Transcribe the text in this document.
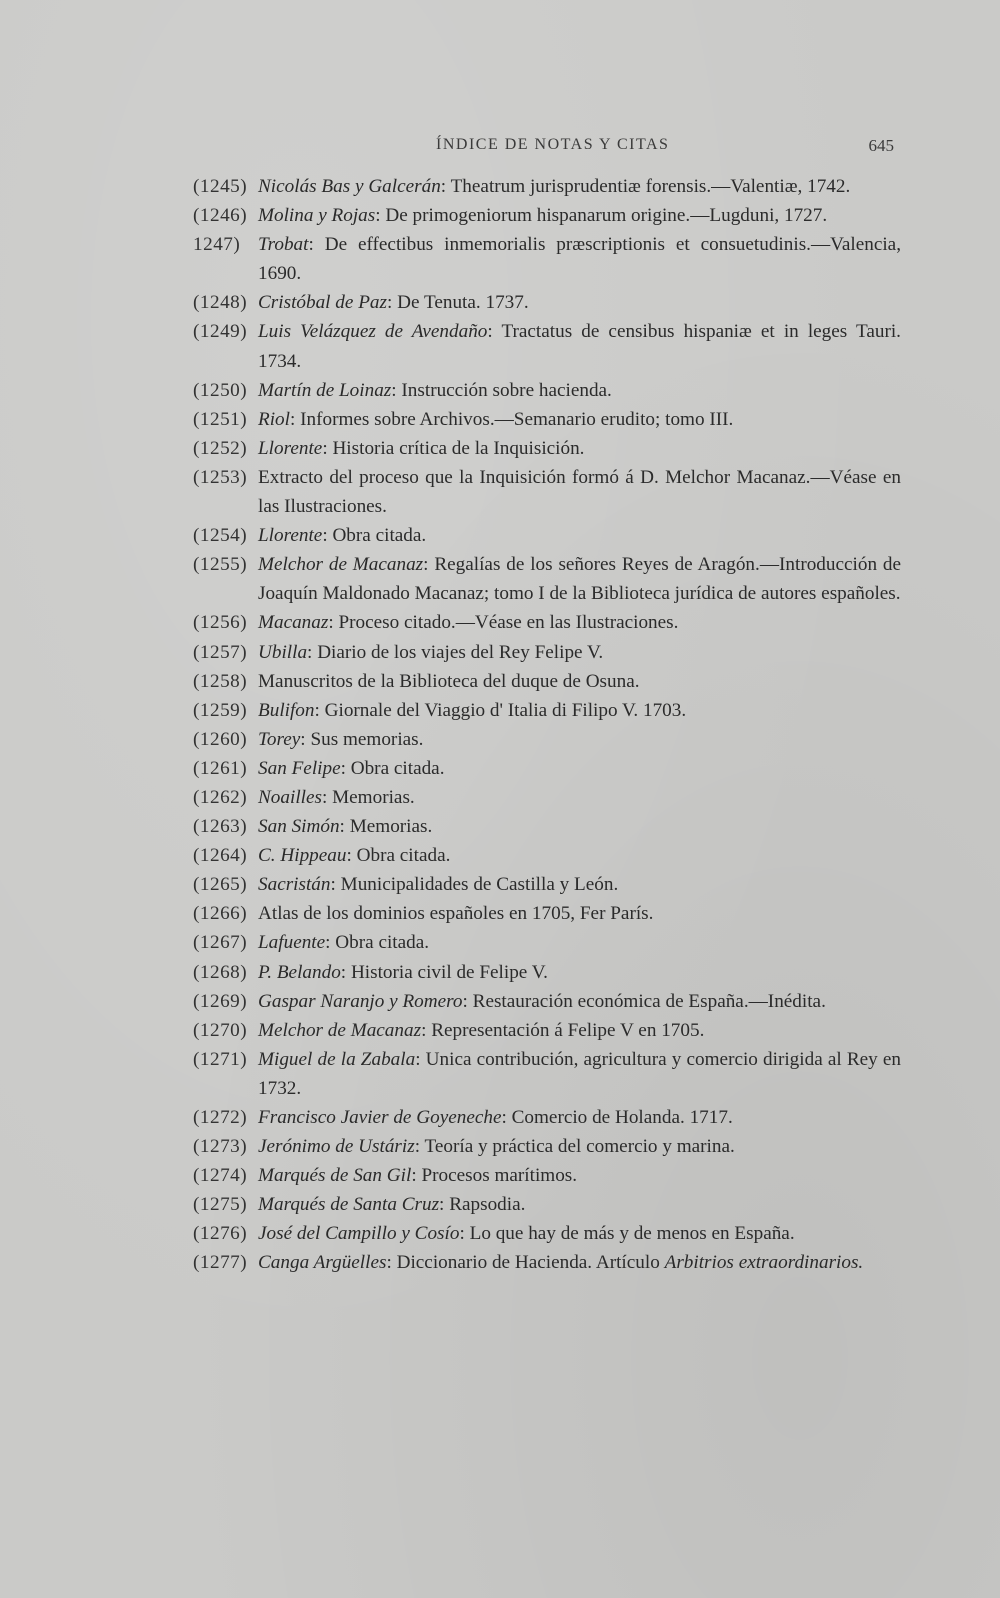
ÍNDICE DE NOTAS Y CITAS	645
(1245) Nicolás Bas y Galcerán: Theatrum jurisprudentiæ forensis.—Valentiæ, 1742.
(1246) Molina y Rojas: De primogeniorum hispanarum origine.—Lugduni, 1727.
1247) Trobat: De effectibus inmemorialis præscriptionis et consuetudinis.—Valencia, 1690.
(1248) Cristóbal de Paz: De Tenuta. 1737.
(1249) Luis Velázquez de Avendaño: Tractatus de censibus hispaniæ et in leges Tauri. 1734.
(1250) Martín de Loinaz: Instrucción sobre hacienda.
(1251) Riol: Informes sobre Archivos.—Semanario erudito; tomo III.
(1252) Llorente: Historia crítica de la Inquisición.
(1253) Extracto del proceso que la Inquisición formó á D. Melchor Macanaz.—Véase en las Ilustraciones.
(1254) Llorente: Obra citada.
(1255) Melchor de Macanaz: Regalías de los señores Reyes de Aragón.—Introducción de Joaquín Maldonado Macanaz; tomo I de la Biblioteca jurídica de autores españoles.
(1256) Macanaz: Proceso citado.—Véase en las Ilustraciones.
(1257) Ubilla: Diario de los viajes del Rey Felipe V.
(1258) Manuscritos de la Biblioteca del duque de Osuna.
(1259) Bulifon: Giornale del Viaggio d' Italia di Filipo V. 1703.
(1260) Torey: Sus memorias.
(1261) San Felipe: Obra citada.
(1262) Noailles: Memorias.
(1263) San Simón: Memorias.
(1264) C. Hippeau: Obra citada.
(1265) Sacristán: Municipalidades de Castilla y León.
(1266) Atlas de los dominios españoles en 1705, Fer París.
(1267) Lafuente: Obra citada.
(1268) P. Belando: Historia civil de Felipe V.
(1269) Gaspar Naranjo y Romero: Restauración económica de España.—Inédita.
(1270) Melchor de Macanaz: Representación á Felipe V en 1705.
(1271) Miguel de la Zabala: Unica contribución, agricultura y comercio dirigida al Rey en 1732.
(1272) Francisco Javier de Goyeneche: Comercio de Holanda. 1717.
(1273) Jerónimo de Ustáriz: Teoría y práctica del comercio y marina.
(1274) Marqués de San Gil: Procesos marítimos.
(1275) Marqués de Santa Cruz: Rapsodia.
(1276) José del Campillo y Cosío: Lo que hay de más y de menos en España.
(1277) Canga Argüelles: Diccionario de Hacienda. Artículo Arbitrios extraordinarios.
